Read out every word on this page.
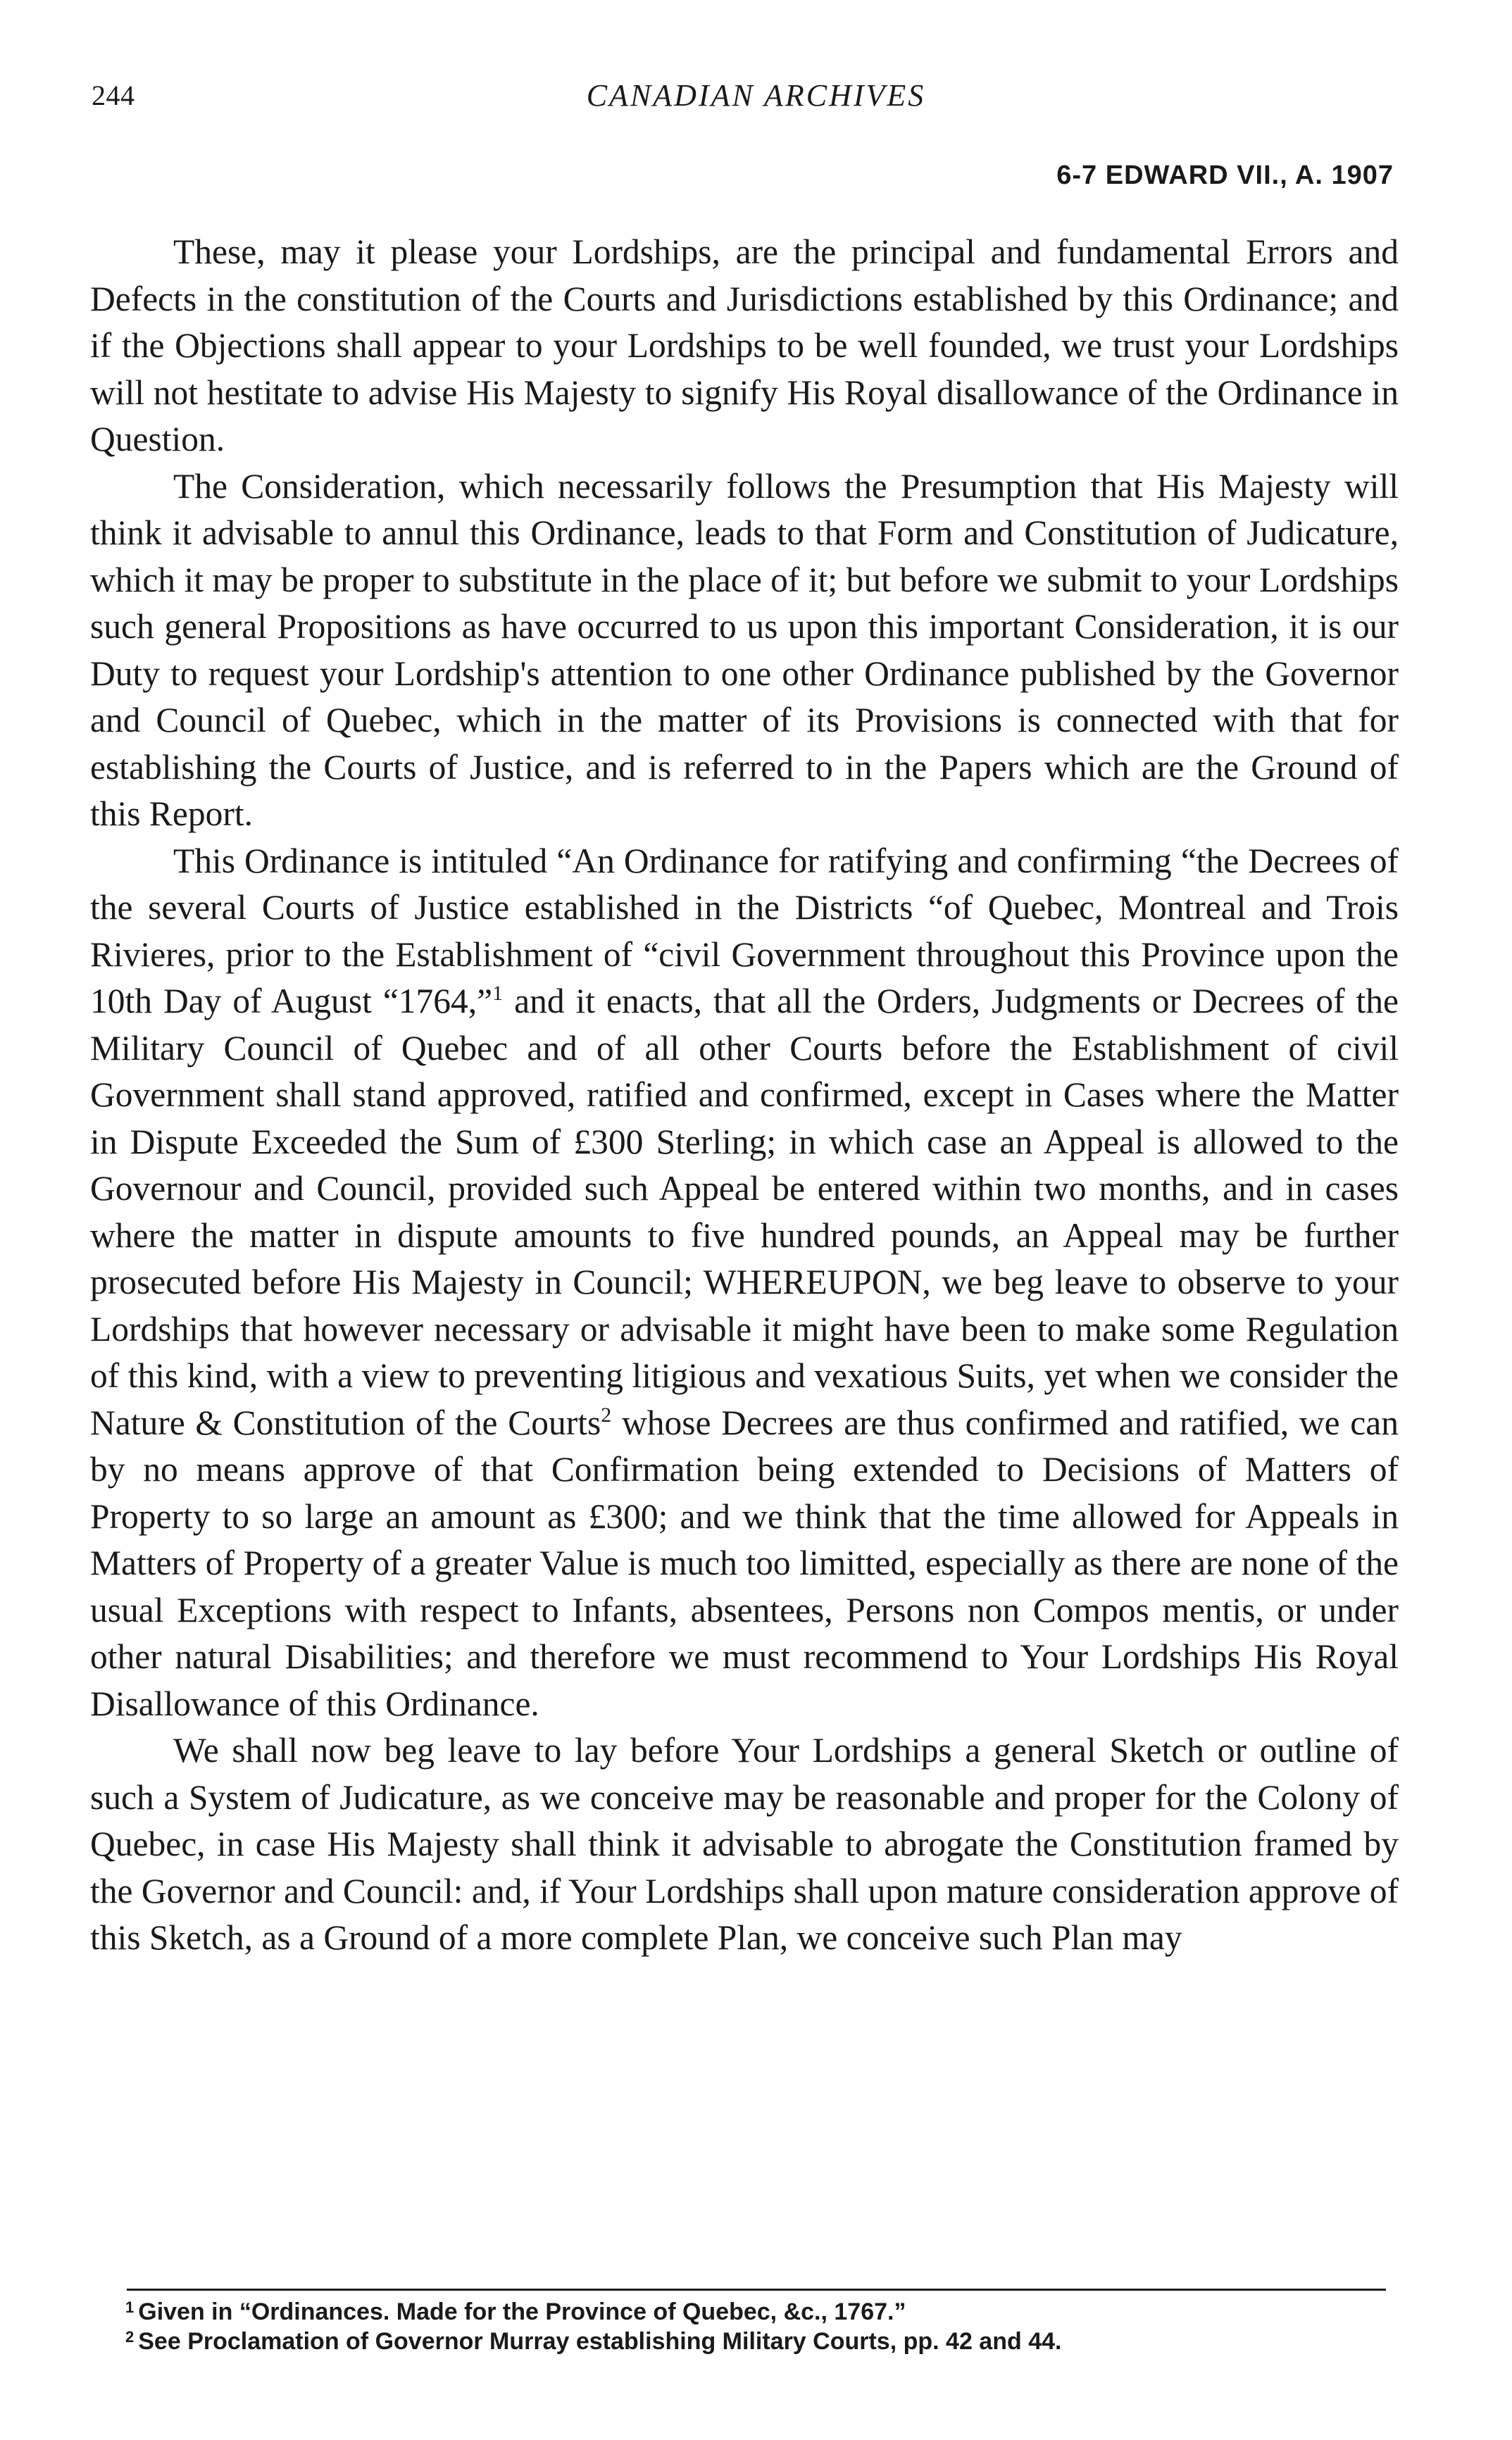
244	CANADIAN ARCHIVES
6-7 EDWARD VII., A. 1907

These, may it please your Lordships, are the principal and fundamental Errors and Defects in the constitution of the Courts and Jurisdictions established by this Ordinance; and if the Objections shall appear to your Lordships to be well founded, we trust your Lordships will not hestitate to advise His Majesty to signify His Royal disallowance of the Ordinance in Question.

The Consideration, which necessarily follows the Presumption that His Majesty will think it advisable to annul this Ordinance, leads to that Form and Constitution of Judicature, which it may be proper to substitute in the place of it; but before we submit to your Lordships such general Propositions as have occurred to us upon this important Consideration, it is our Duty to request your Lordship's attention to one other Ordinance published by the Governor and Council of Quebec, which in the matter of its Provisions is connected with that for establishing the Courts of Justice, and is referred to in the Papers which are the Ground of this Report.

This Ordinance is intituled “An Ordinance for ratifying and confirming “the Decrees of the several Courts of Justice established in the Districts “of Quebec, Montreal and Trois Rivieres, prior to the Establishment of “civil Government throughout this Province upon the 10th Day of August “1764,”$^1$ and it enacts, that all the Orders, Judgments or Decrees of the Military Council of Quebec and of all other Courts before the Establishment of civil Government shall stand approved, ratified and confirmed, except in Cases where the Matter in Dispute Exceeded the Sum of £300 Sterling; in which case an Appeal is allowed to the Governour and Council, provided such Appeal be entered within two months, and in cases where the matter in dispute amounts to five hundred pounds, an Appeal may be further prosecuted before His Majesty in Council; WHEREUPON, we beg leave to observe to your Lordships that however necessary or advisable it might have been to make some Regulation of this kind, with a view to preventing litigious and vexatious Suits, yet when we consider the Nature & Constitution of the Courts$^2$ whose Decrees are thus confirmed and ratified, we can by no means approve of that Confirmation being extended to Decisions of Matters of Property to so large an amount as £300; and we think that the time allowed for Appeals in Matters of Property of a greater Value is much too limitted, especially as there are none of the usual Exceptions with respect to Infants, absentees, Persons non Compos mentis, or under other natural Disabilities; and therefore we must recommend to Your Lordships His Royal Disallowance of this Ordinance.

We shall now beg leave to lay before Your Lordships a general Sketch or outline of such a System of Judicature, as we conceive may be reasonable and proper for the Colony of Quebec, in case His Majesty shall think it advisable to abrogate the Constitution framed by the Governor and Council: and, if Your Lordships shall upon mature consideration approve of this Sketch, as a Ground of a more complete Plan, we conceive such Plan may

$^1$ Given in “Ordinances. Made for the Province of Quebec, &c., 1767.”
$^2$ See Proclamation of Governor Murray establishing Military Courts, pp. 42 and 44.
